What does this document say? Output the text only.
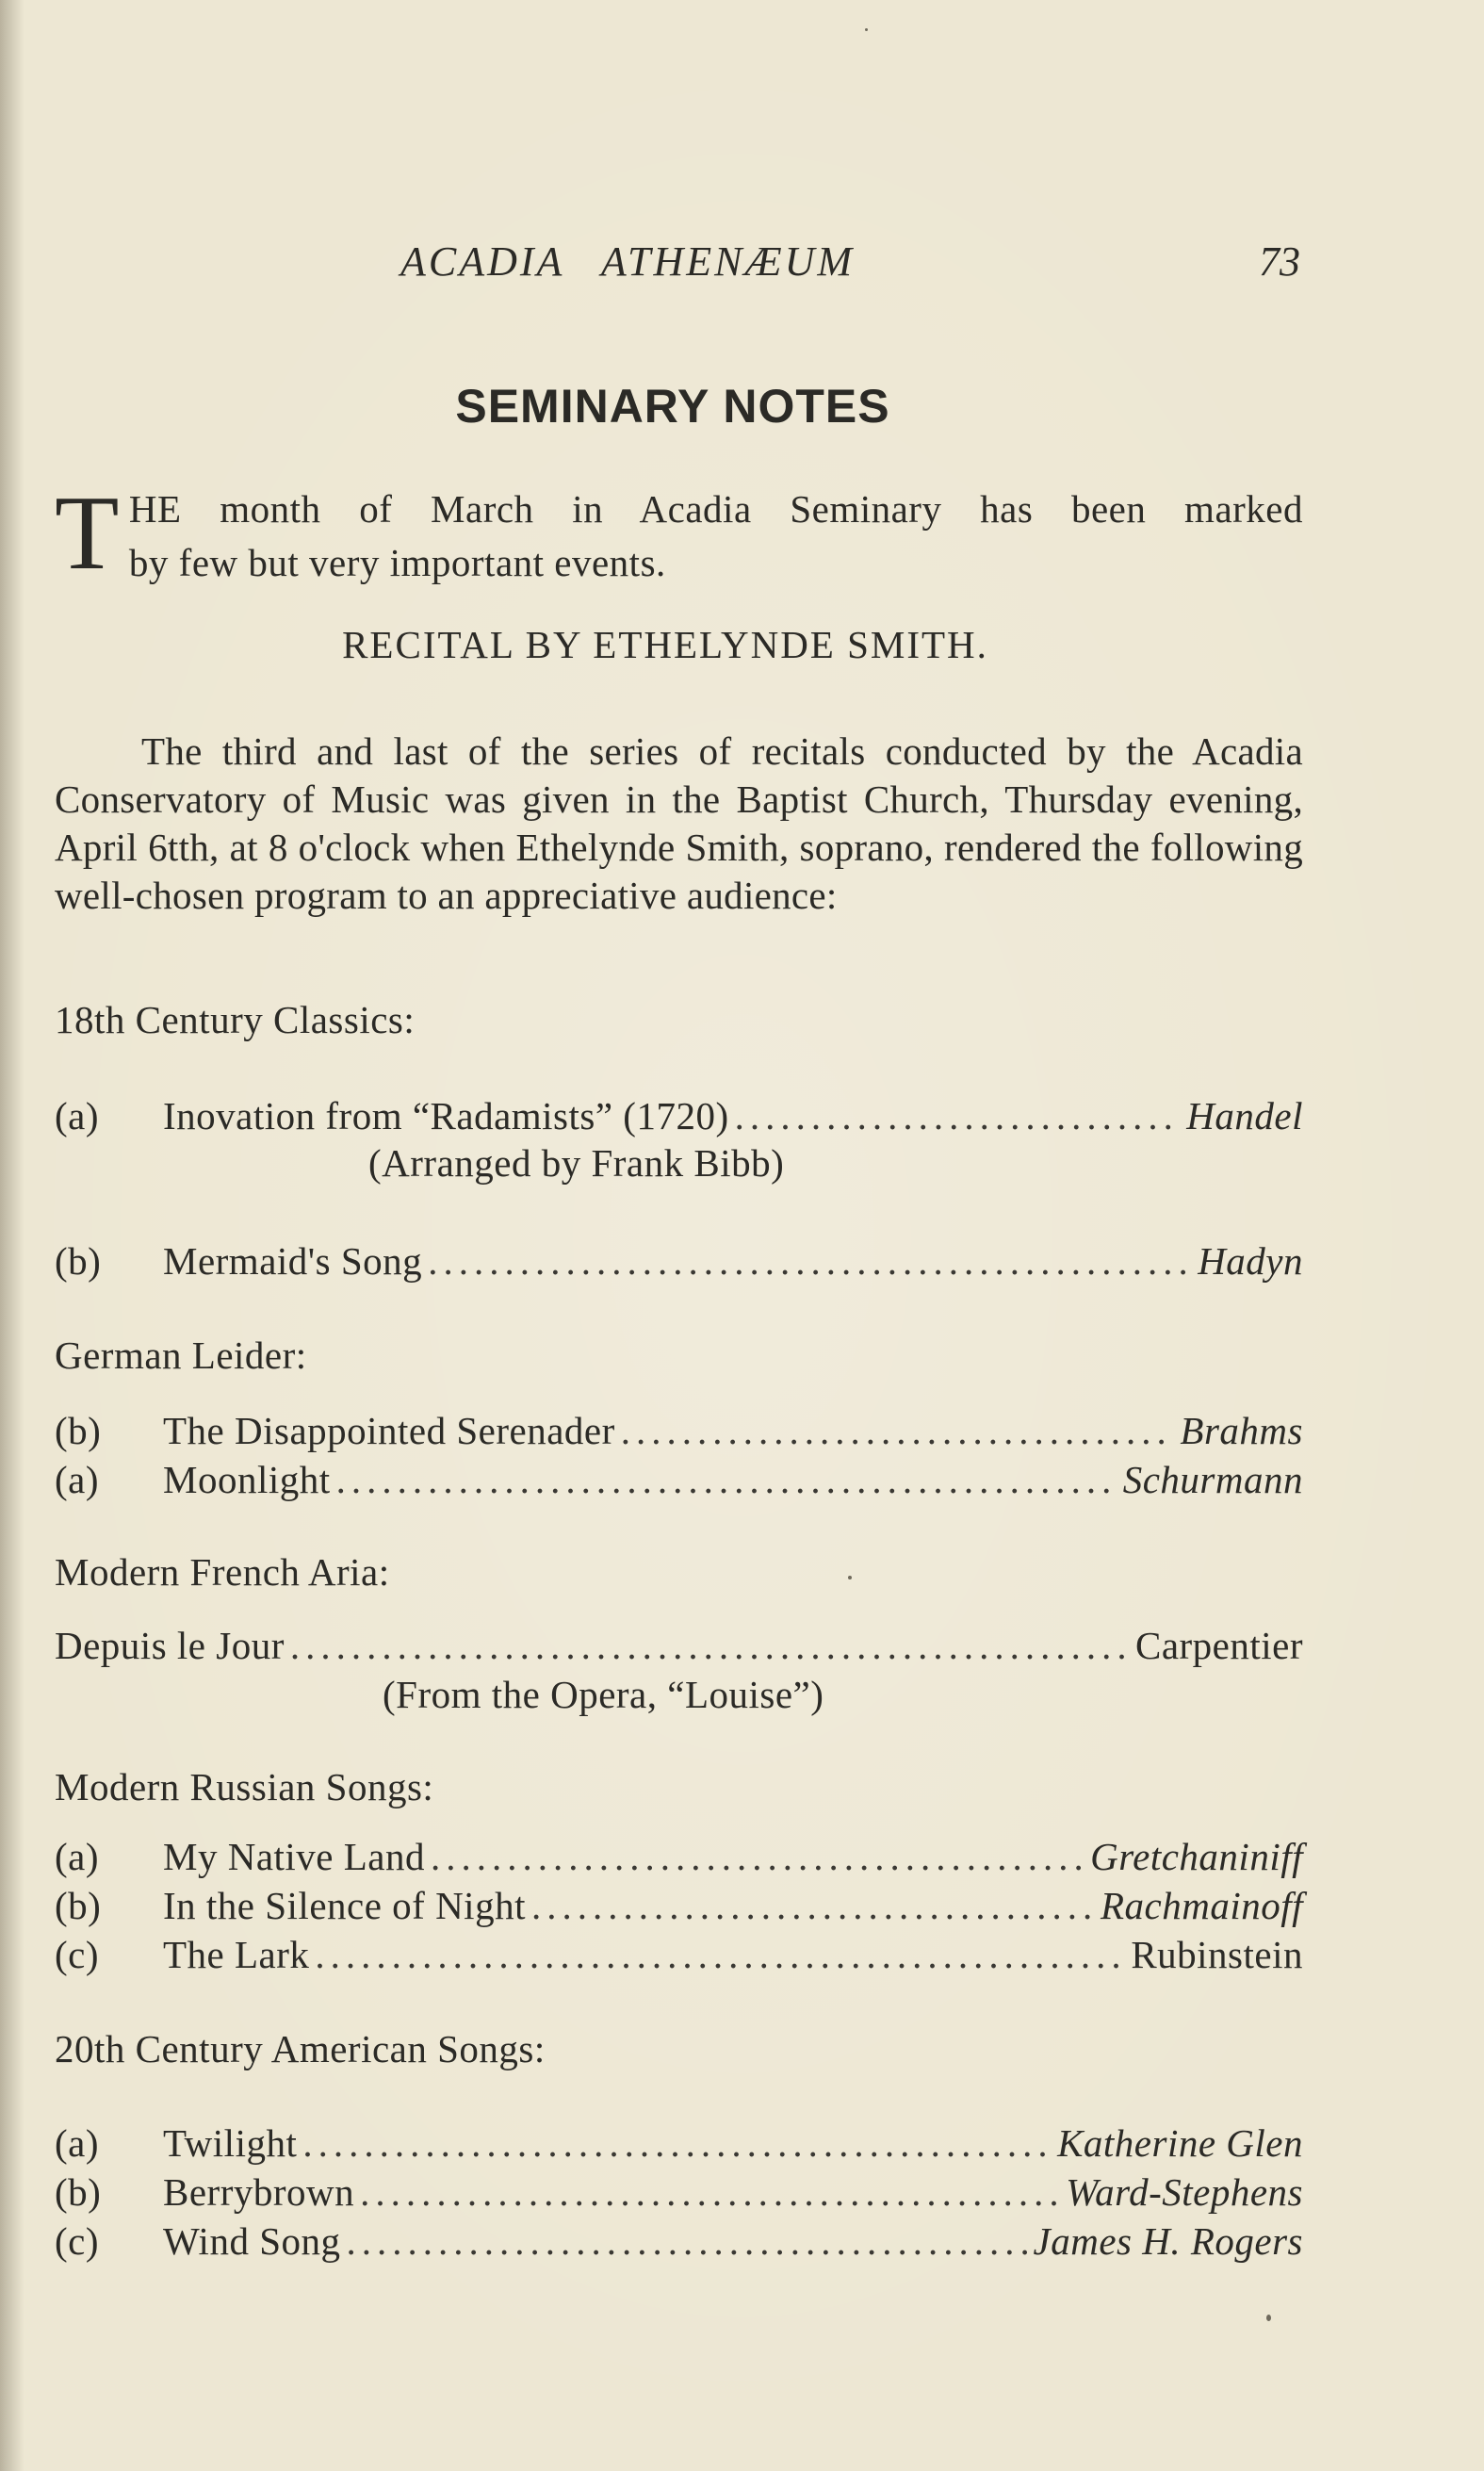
ACADIA ATHENÆUM	73
SEMINARY NOTES
T HE month of March in Acadia Seminary has been marked
by few but very important events.
RECITAL BY ETHELYNDE SMITH.
The third and last of the series of recitals conducted by the Acadia Conservatory of Music was given in the Baptist Church, Thursday evening, April 6tth, at 8 o'clock when Ethelynde Smith, soprano, rendered the following well-chosen program to an appreciative audience:
18th Century Classics:
(a)	Inovation from “Radamists” (1720) .....	Handel
(Arranged by Frank Bibb)
(b)	Mermaid's Song .....	Hadyn
German Leider:
(b)	The Disappointed Serenader .....	Brahms
(a)	Moonlight .....	Schurmann
Modern French Aria:
Depuis le Jour .....	Carpentier
(From the Opera, “Louise”)
Modern Russian Songs:
(a)	My Native Land .....	Gretchaniniff
(b)	In the Silence of Night .....	Rachmainoff
(c)	The Lark .....	Rubinstein
20th Century American Songs:
(a)	Twilight .....	Katherine Glen
(b)	Berrybrown .....	Ward-Stephens
(c)	Wind Song .....	James H. Rogers
